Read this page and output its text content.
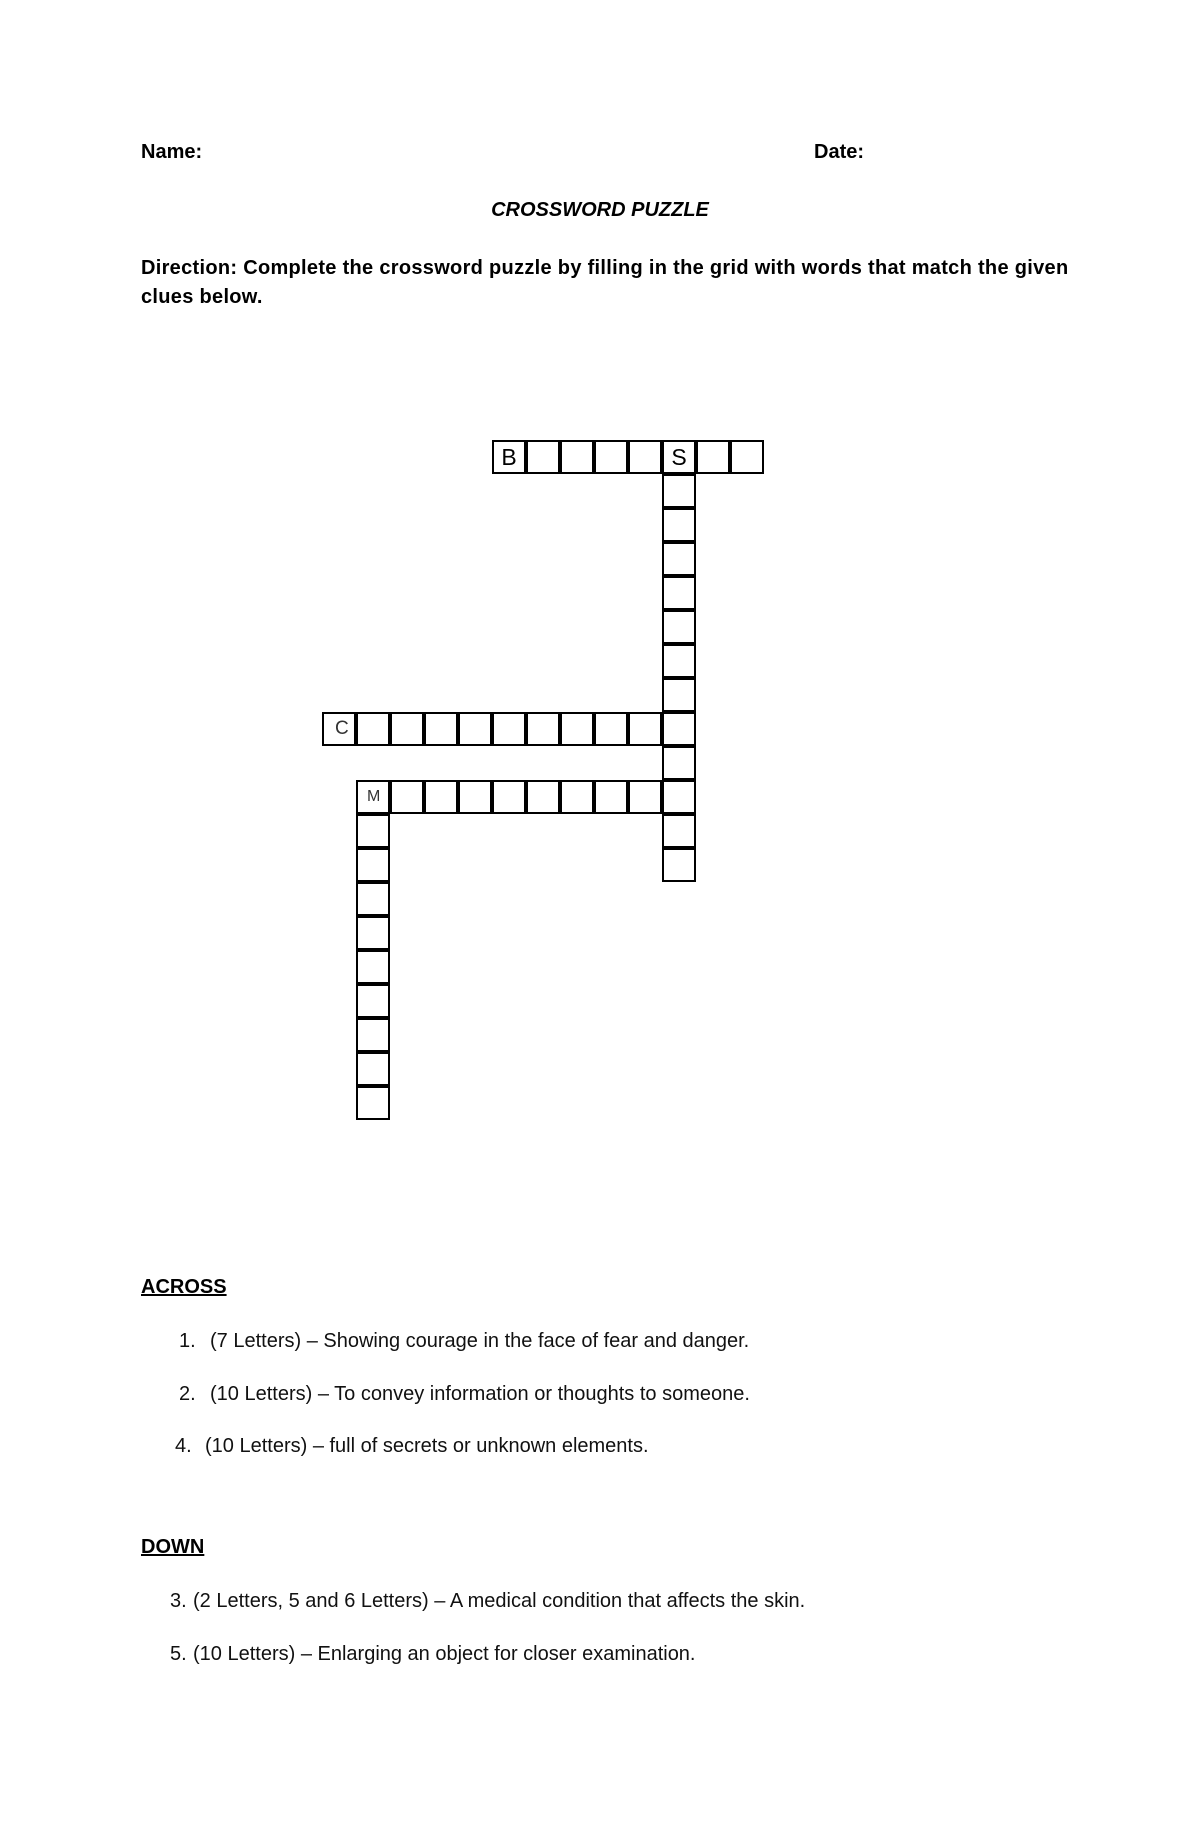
Name:	Date:
CROSSWORD PUZZLE
Direction: Complete the crossword puzzle by filling in the grid with words that match the given clues below.
B	S
C
M
ACROSS
1. (7 Letters) – Showing courage in the face of fear and danger.
2. (10 Letters) – To convey information or thoughts to someone.
4. (10 Letters) – full of secrets or unknown elements.
DOWN
3. (2 Letters, 5 and 6 Letters) – A medical condition that affects the skin.
5. (10 Letters) – Enlarging an object for closer examination.
